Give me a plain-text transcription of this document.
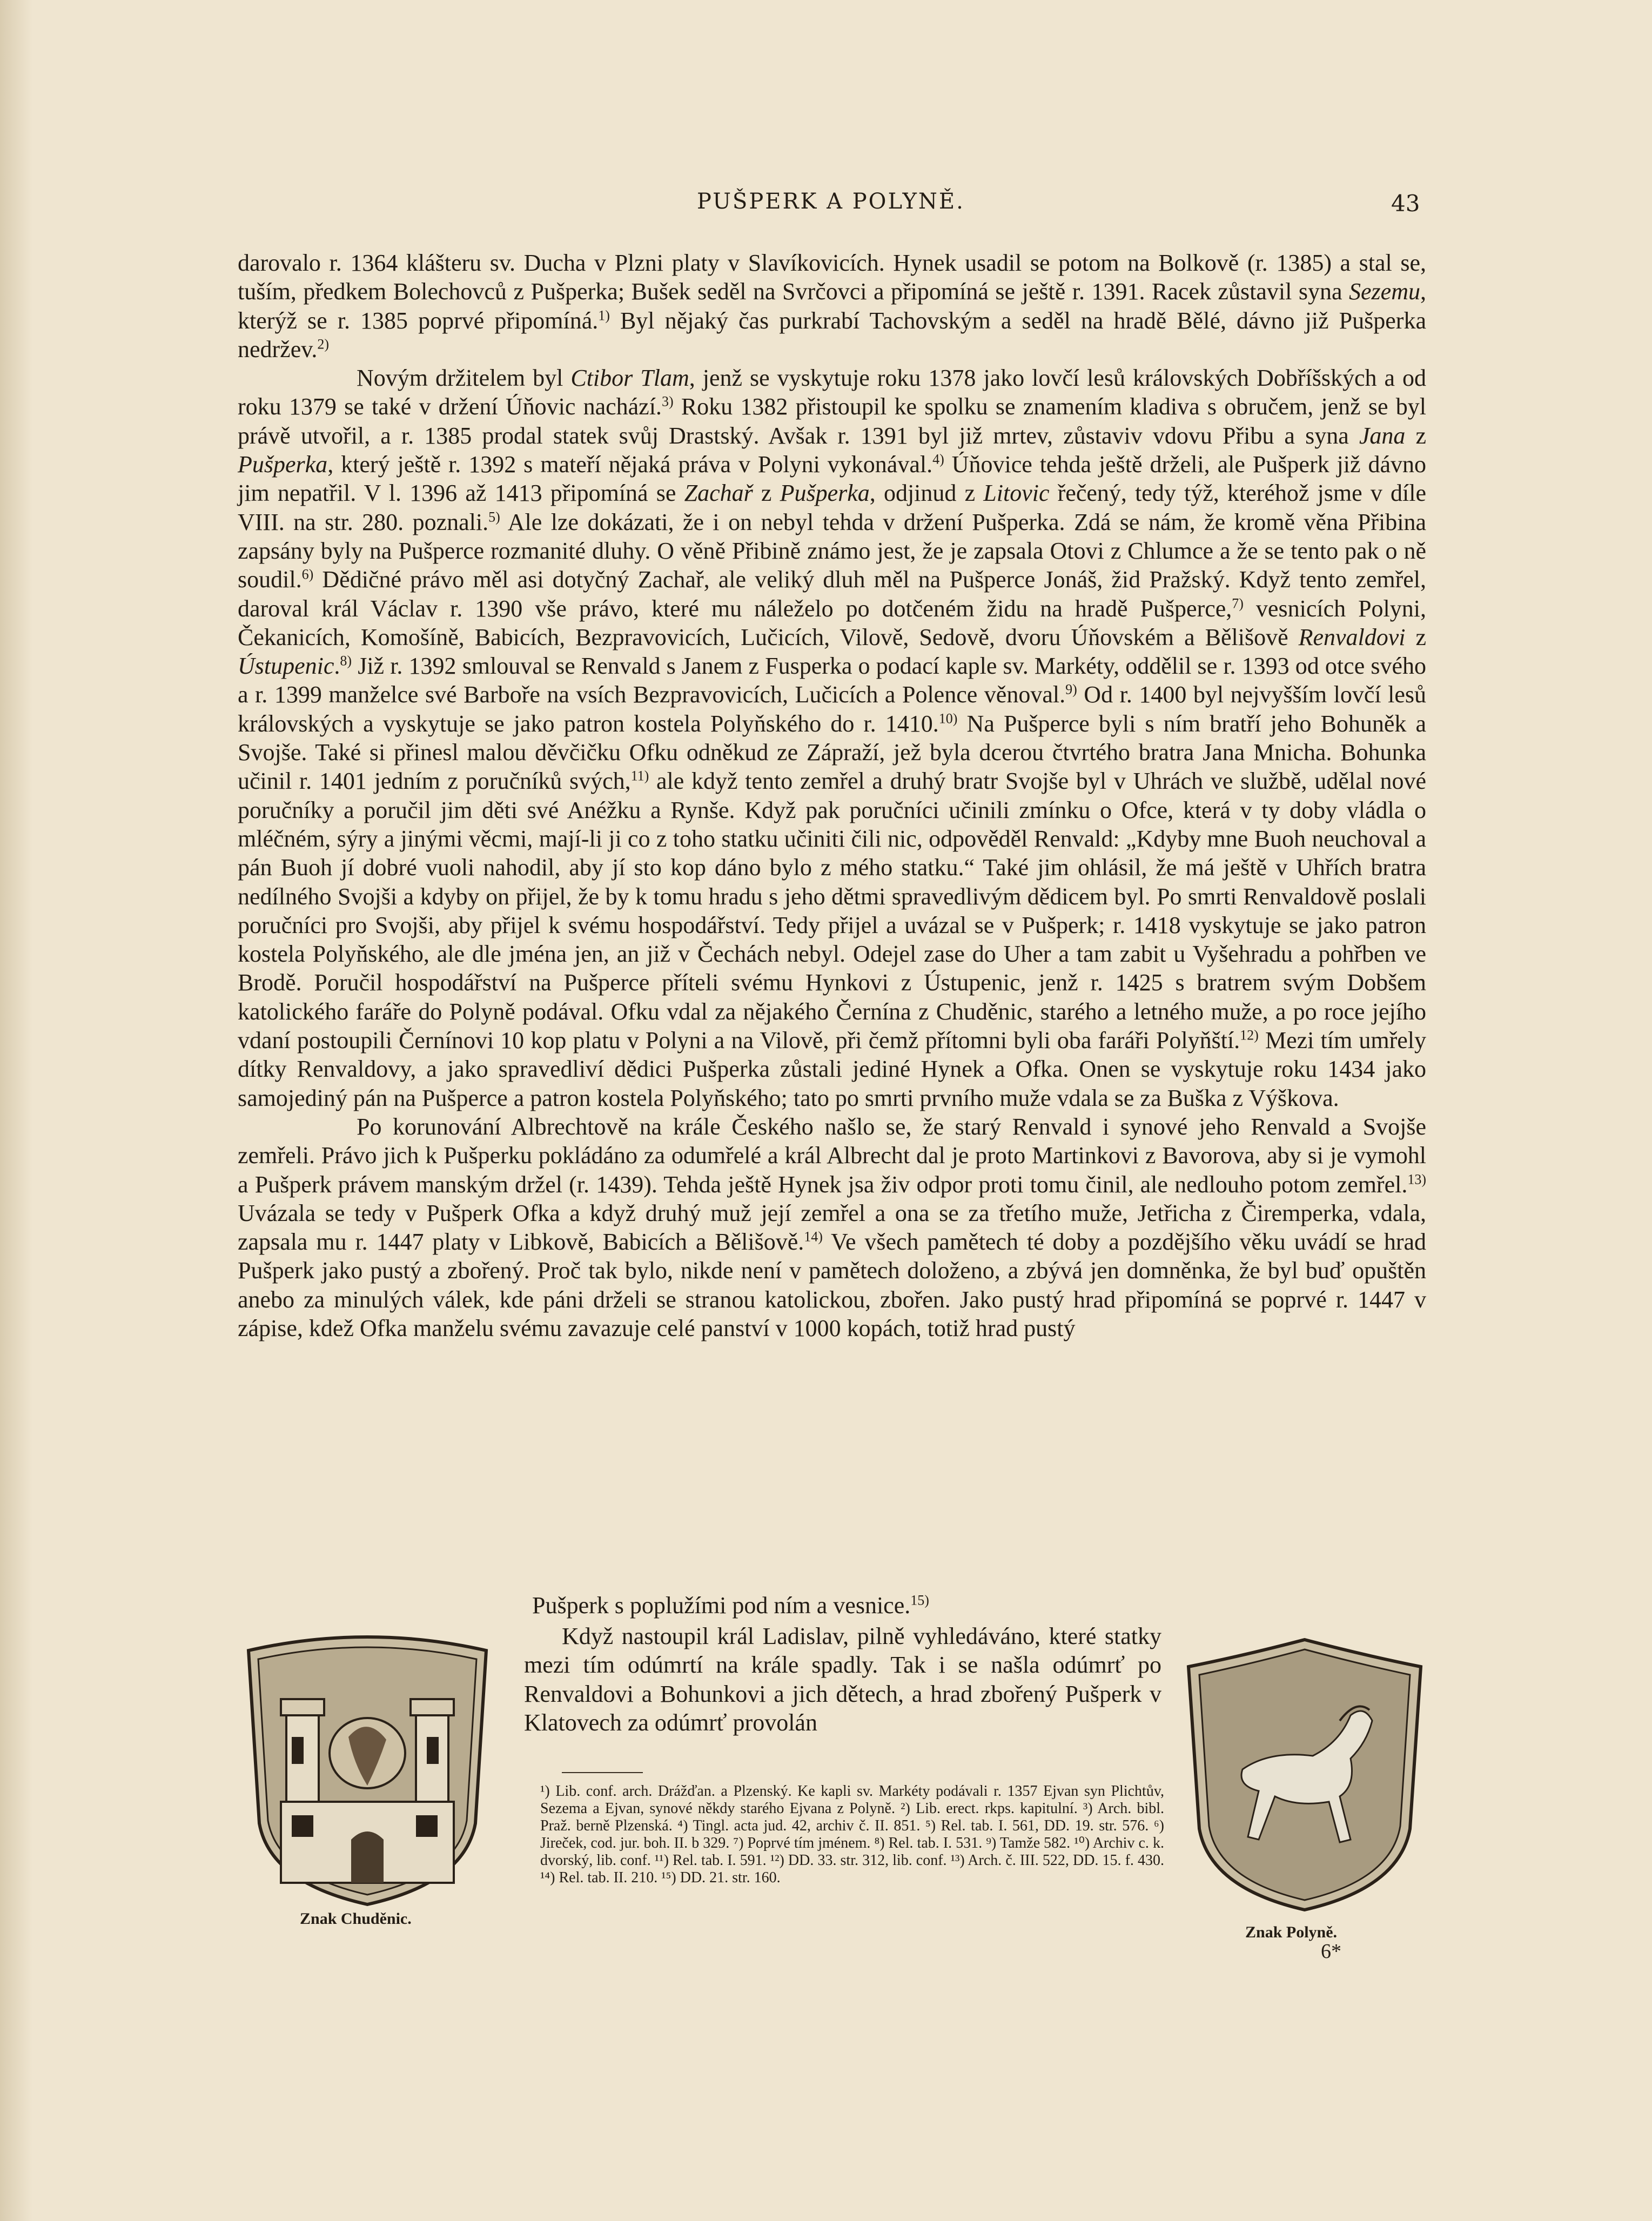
PUŠPERK A POLYNĚ.	43

darovalo r. 1364 klášteru sv. Ducha v Plzni platy v Slavíkovicích. Hynek usadil se potom na Bolkově (r. 1385) a stal se, tuším, předkem Bolechovců z Pušperka; Bušek seděl na Svrčovci a připomíná se ještě r. 1391. Racek zůstavil syna Sezemu, kterýž se r. 1385 poprvé připomíná.$^{1)}$ Byl nějaký čas purkrabí Tachovským a seděl na hradě Bělé, dávno již Pušperka nedržev.$^{2)}$

Novým držitelem byl Ctibor Tlam, jenž se vyskytuje roku 1378 jako lovčí lesů královských Dobříšských a od roku 1379 se také v držení Úňovic nachází.$^{3)}$ Roku 1382 přistoupil ke spolku se znamením kladiva s obručem, jenž se byl právě utvořil, a r. 1385 prodal statek svůj Drastský. Avšak r. 1391 byl již mrtev, zůstaviv vdovu Přibu a syna Jana z Pušperka, který ještě r. 1392 s mateří nějaká práva v Polyni vykonával.$^{4)}$ Úňovice tehda ještě drželi, ale Pušperk již dávno jim nepatřil. V l. 1396 až 1413 připomíná se Zachař z Pušperka, odjinud z Litovic řečený, tedy týž, kteréhož jsme v díle VIII. na str. 280. poznali.$^{5)}$ Ale lze dokázati, že i on nebyl tehda v držení Pušperka. Zdá se nám, že kromě věna Přibina zapsány byly na Pušperce rozmanité dluhy. O věně Přibině známo jest, že je zapsala Otovi z Chlumce a že se tento pak o ně soudil.$^{6)}$ Dědičné právo měl asi dotyčný Zachař, ale veliký dluh měl na Pušperce Jonáš, žid Pražský. Když tento zemřel, daroval král Václav r. 1390 vše právo, které mu náleželo po dotčeném židu na hradě Pušperce,$^{7)}$ vesnicích Polyni, Čekanicích, Komošíně, Babicích, Bezpravovicích, Lučicích, Vilově, Sedově, dvoru Úňovském a Bělišově Renvaldovi z Ústupenic.$^{8)}$ Již r. 1392 smlouval se Renvald s Janem z Fusperka o podací kaple sv. Markéty, oddělil se r. 1393 od otce svého a r. 1399 manželce své Barboře na vsích Bezpravovicích, Lučicích a Polence věnoval.$^{9)}$ Od r. 1400 byl nejvyšším lovčí lesů královských a vyskytuje se jako patron kostela Polyňského do r. 1410.$^{10)}$ Na Pušperce byli s ním bratří jeho Bohuněk a Svojše. Také si přinesl malou děvčičku Ofku odněkud ze Zápraží, jež byla dcerou čtvrtého bratra Jana Mnicha. Bohunka učinil r. 1401 jedním z poručníků svých,$^{11)}$ ale když tento zemřel a druhý bratr Svojše byl v Uhrách ve službě, udělal nové poručníky a poručil jim děti své Anéžku a Rynše. Když pak poručníci učinili zmínku o Ofce, která v ty doby vládla o mléčném, sýry a jinými věcmi, mají-li ji co z toho statku učiniti čili nic, odpověděl Renvald: „Kdyby mne Buoh neuchoval a pán Buoh jí dobré vuoli nahodil, aby jí sto kop dáno bylo z mého statku.“ Také jim ohlásil, že má ještě v Uhřích bratra nedílného Svojši a kdyby on přijel, že by k tomu hradu s jeho dětmi spravedlivým dědicem byl. Po smrti Renvaldově poslali poručníci pro Svojši, aby přijel k svému hospodářství. Tedy přijel a uvázal se v Pušperk; r. 1418 vyskytuje se jako patron kostela Polyňského, ale dle jména jen, an již v Čechách nebyl. Odejel zase do Uher a tam zabit u Vyšehradu a pohřben ve Brodě. Poručil hospodářství na Pušperce příteli svému Hynkovi z Ústupenic, jenž r. 1425 s bratrem svým Dobšem katolického faráře do Polyně podával. Ofku vdal za nějakého Černína z Chuděnic, starého a letného muže, a po roce jejího vdaní postoupili Černínovi 10 kop platu v Polyni a na Vilově, při čemž přítomni byli oba faráři Polyňští.$^{12)}$ Mezi tím umřely dítky Renvaldovy, a jako spravedliví dědici Pušperka zůstali jediné Hynek a Ofka. Onen se vyskytuje roku 1434 jako samojediný pán na Pušperce a patron kostela Polyňského; tato po smrti prvního muže vdala se za Buška z Výškova.

Po korunování Albrechtově na krále Českého našlo se, že starý Renvald i synové jeho Renvald a Svojše zemřeli. Právo jich k Pušperku pokládáno za odumřelé a král Albrecht dal je proto Martinkovi z Bavorova, aby si je vymohl a Pušperk právem manským držel (r. 1439). Tehda ještě Hynek jsa živ odpor proti tomu činil, ale nedlouho potom zemřel.$^{13)}$ Uvázala se tedy v Pušperk Ofka a když druhý muž její zemřel a ona se za třetího muže, Jetřicha z Čiremperka, vdala, zapsala mu r. 1447 platy v Libkově, Babicích a Bělišově.$^{14)}$ Ve všech pamětech té doby a pozdějšího věku uvádí se hrad Pušperk jako pustý a zbořený. Proč tak bylo, nikde není v pamětech doloženo, a zbývá jen domněnka, že byl buď opuštěn anebo za minulých válek, kde páni drželi se stranou katolickou, zbořen. Jako pustý hrad připomíná se poprvé r. 1447 v zápise, kdež Ofka manželu svému zavazuje celé panství v 1000 kopách, totiž hrad pustý

Pušperk s poplužími pod ním a vesnice.$^{15)}$

Když nastoupil král Ladislav, pilně vyhledáváno, které statky mezi tím odúmrtí na krále spadly. Tak i se našla odúmrť po Renvaldovi a Bohunkovi a jich dětech, a hrad zbořený Pušperk v Klatovech za odúmrť provolán

¹) Lib. conf. arch. Drážďan. a Plzenský. Ke kapli sv. Markéty podávali r. 1357 Ejvan syn Plichtův, Sezema a Ejvan, synové někdy starého Ejvana z Polyně. ²) Lib. erect. rkps. kapitulní. ³) Arch. bibl. Praž. berně Plzenská. ⁴) Tingl. acta jud. 42, archiv č. II. 851. ⁵) Rel. tab. I. 561, DD. 19. str. 576. ⁶) Jireček, cod. jur. boh. II. b 329. ⁷) Poprvé tím jménem. ⁸) Rel. tab. I. 531. ⁹) Tamže 582. ¹⁰) Archiv c. k. dvorský, lib. conf. ¹¹) Rel. tab. I. 591. ¹²) DD. 33. str. 312, lib. conf. ¹³) Arch. č. III. 522, DD. 15. f. 430. ¹⁴) Rel. tab. II. 210. ¹⁵) DD. 21. str. 160.
Znak Chuděnic.
Znak Polyně.
6*
